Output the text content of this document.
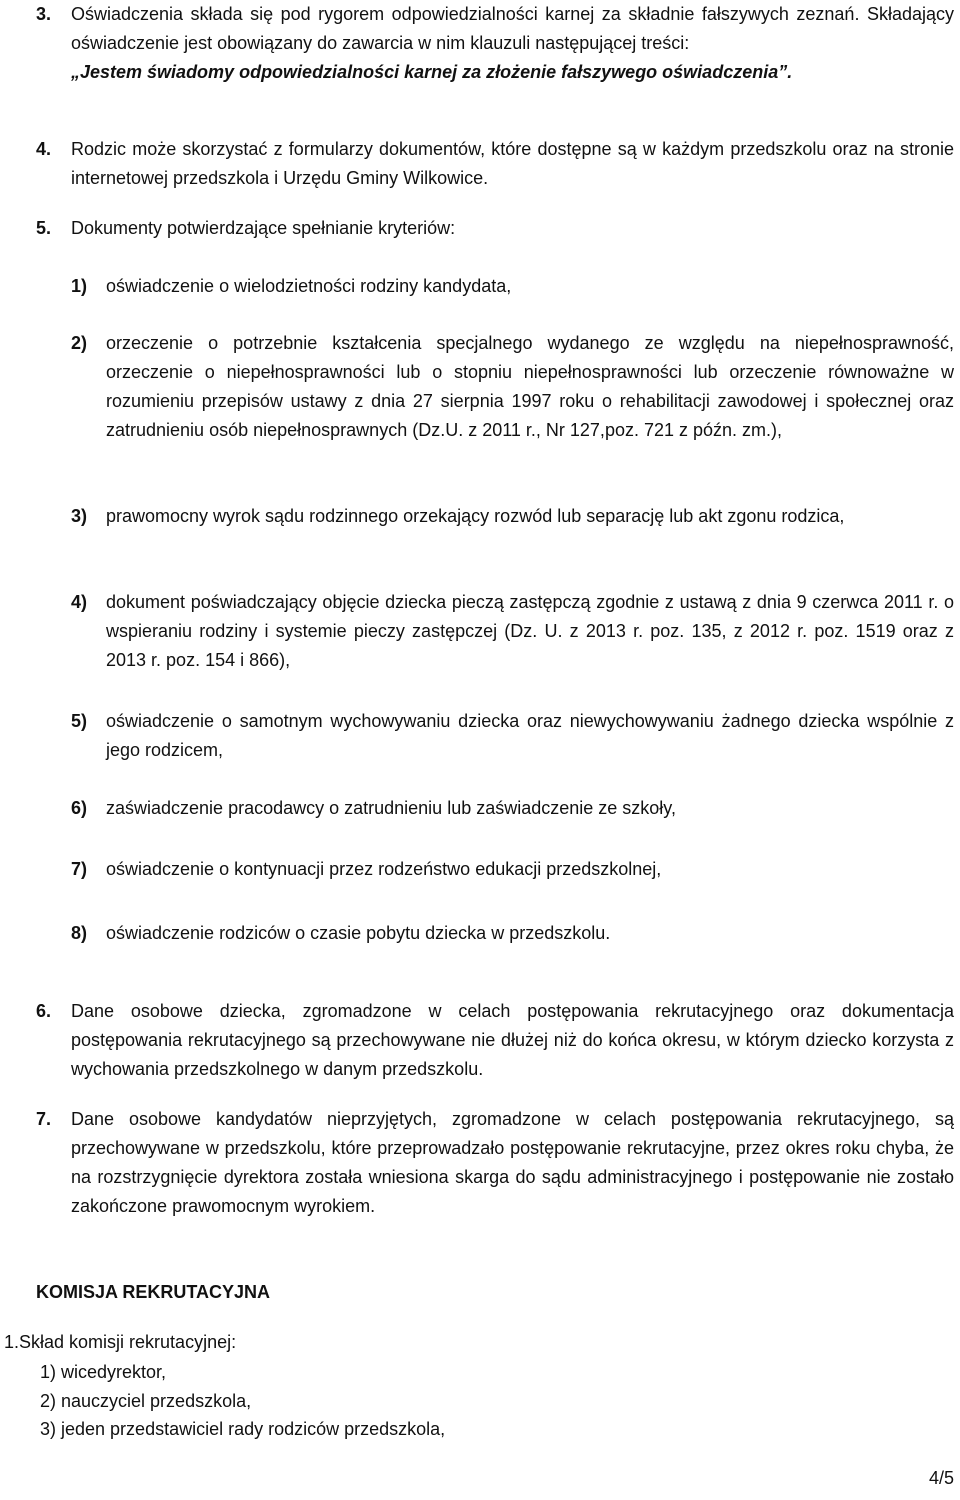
3. Oświadczenia składa się pod rygorem odpowiedzialności karnej za składnie fałszywych zeznań. Składający oświadczenie jest obowiązany do zawarcia w nim klauzuli następującej treści:
„Jestem świadomy odpowiedzialności karnej za złożenie fałszywego oświadczenia”.
4. Rodzic może skorzystać z formularzy dokumentów, które dostępne są w każdym przedszkolu oraz na stronie internetowej przedszkola i Urzędu Gminy Wilkowice.
5. Dokumenty potwierdzające spełnianie kryteriów:
1) oświadczenie o wielodzietności rodziny kandydata,
2) orzeczenie o potrzebnie kształcenia specjalnego wydanego ze względu na niepełnosprawność, orzeczenie o niepełnosprawności lub o stopniu niepełnosprawności lub orzeczenie równoważne w rozumieniu przepisów ustawy z dnia 27 sierpnia 1997 roku o rehabilitacji zawodowej i społecznej oraz zatrudnieniu osób niepełnosprawnych (Dz.U. z 2011 r., Nr 127,poz. 721 z późn. zm.),
3) prawomocny wyrok sądu rodzinnego orzekający rozwód lub separację lub akt zgonu rodzica,
4) dokument poświadczający objęcie dziecka pieczą zastępczą zgodnie z ustawą z dnia 9 czerwca 2011 r. o wspieraniu rodziny i systemie pieczy zastępczej (Dz. U. z 2013 r. poz. 135, z 2012 r. poz. 1519 oraz z 2013 r. poz. 154 i 866),
5) oświadczenie o samotnym wychowywaniu dziecka oraz niewychowywaniu żadnego dziecka wspólnie z jego rodzicem,
6) zaświadczenie pracodawcy o zatrudnieniu lub zaświadczenie ze szkoły,
7) oświadczenie o kontynuacji przez rodzeństwo edukacji przedszkolnej,
8) oświadczenie rodziców o czasie pobytu dziecka w przedszkolu.
6. Dane osobowe dziecka, zgromadzone w celach postępowania rekrutacyjnego oraz dokumentacja postępowania rekrutacyjnego są przechowywane nie dłużej niż do końca okresu, w którym dziecko korzysta z wychowania przedszkolnego w danym przedszkolu.
7. Dane osobowe kandydatów nieprzyjętych, zgromadzone w celach postępowania rekrutacyjnego, są przechowywane w przedszkolu, które przeprowadzało postępowanie rekrutacyjne, przez okres roku chyba, że na rozstrzygnięcie dyrektora została wniesiona skarga do sądu administracyjnego i postępowanie nie zostało zakończone prawomocnym wyrokiem.
KOMISJA REKRUTACYJNA
1.Skład komisji rekrutacyjnej:
1) wicedyrektor,
2) nauczyciel przedszkola,
3) jeden przedstawiciel rady rodziców przedszkola,
4/5
